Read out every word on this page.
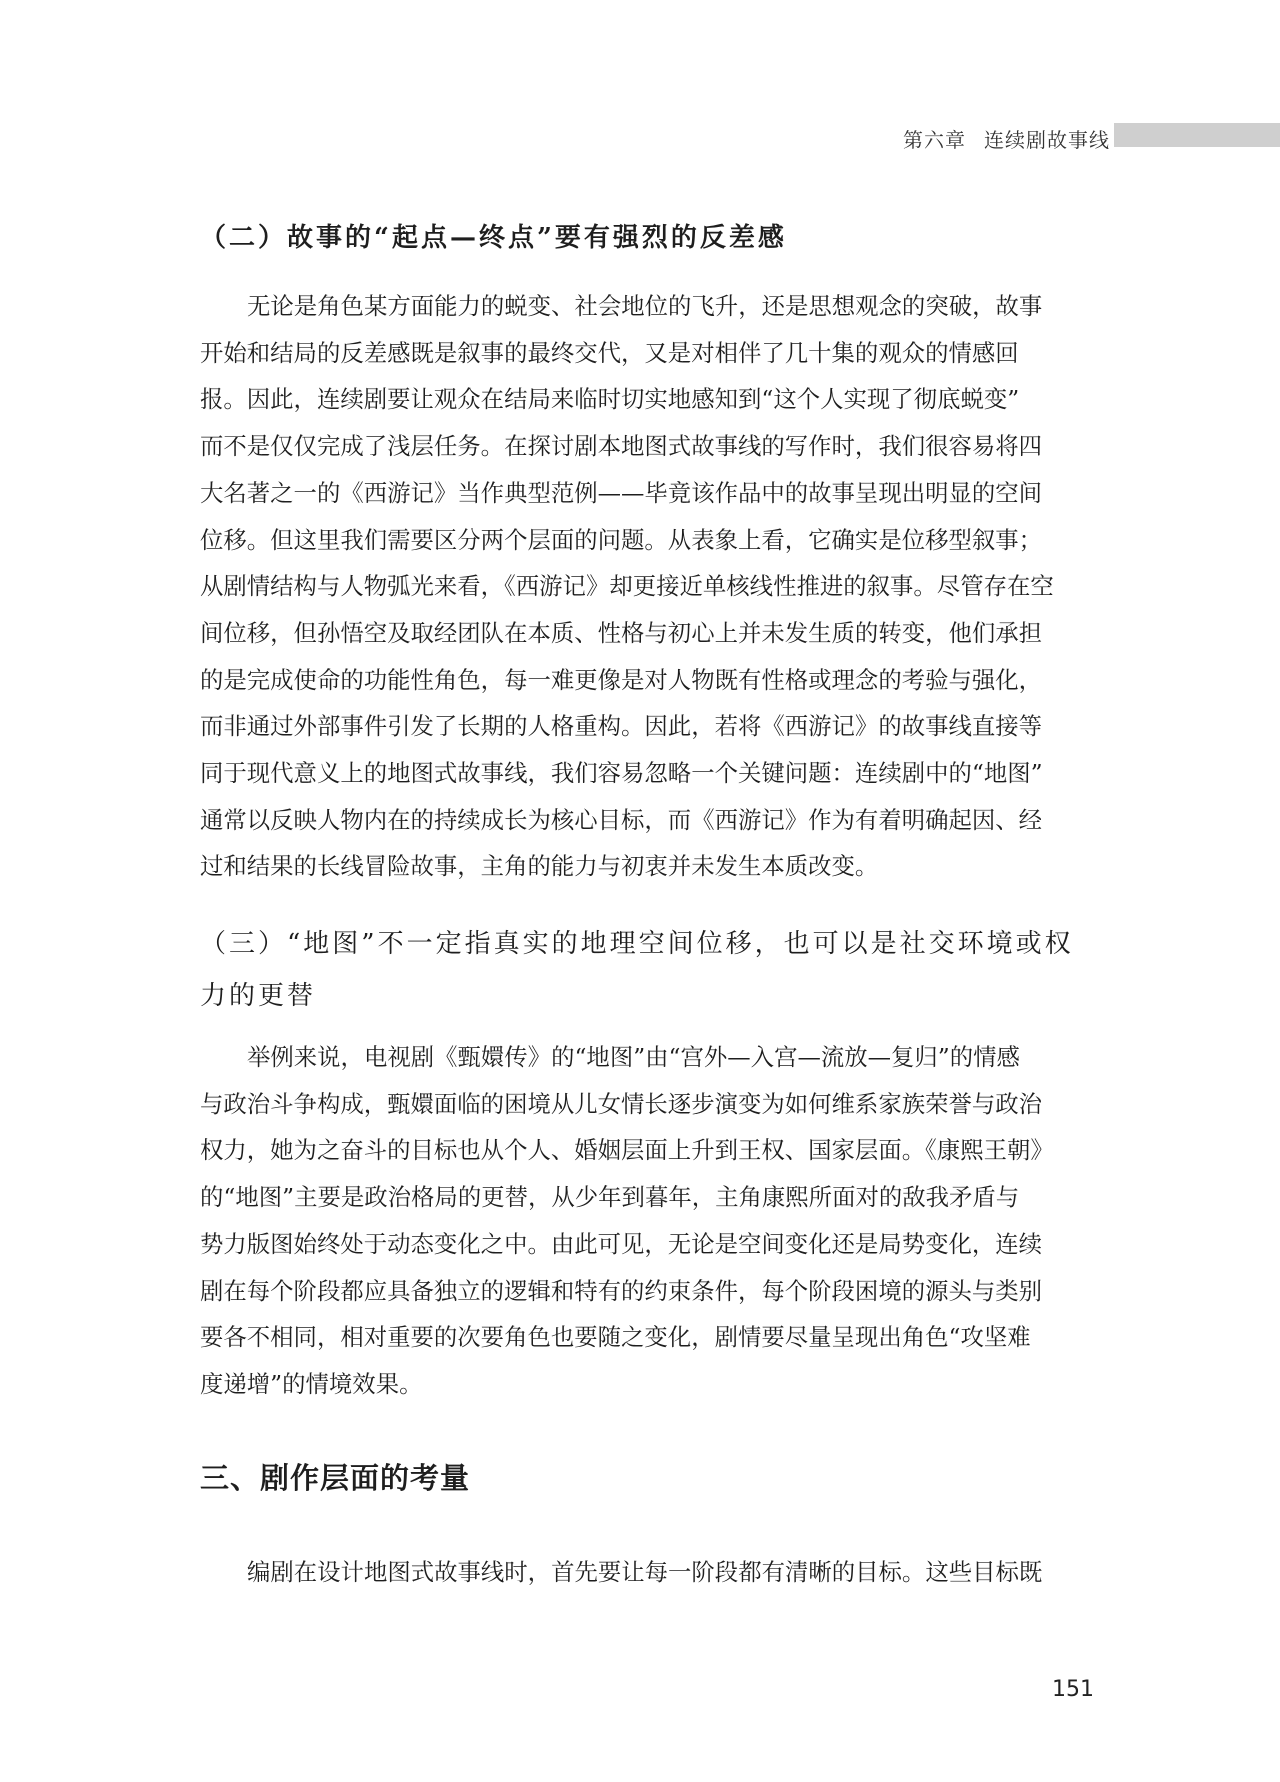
第六章 连续剧故事线
（二）故事的“起点—终点”要有强烈的反差感
无论是角色某方面能力的蜕变、社会地位的飞升，还是思想观念的突破，故事
开始和结局的反差感既是叙事的最终交代，又是对相伴了几十集的观众的情感回
报。因此，连续剧要让观众在结局来临时切实地感知到“这个人实现了彻底蜕变”
而不是仅仅完成了浅层任务。在探讨剧本地图式故事线的写作时，我们很容易将四
大名著之一的《西游记》当作典型范例——毕竟该作品中的故事呈现出明显的空间
位移。但这里我们需要区分两个层面的问题。从表象上看，它确实是位移型叙事；
从剧情结构与人物弧光来看，《西游记》却更接近单核线性推进的叙事。尽管存在空
间位移，但孙悟空及取经团队在本质、性格与初心上并未发生质的转变，他们承担
的是完成使命的功能性角色，每一难更像是对人物既有性格或理念的考验与强化，
而非通过外部事件引发了长期的人格重构。因此，若将《西游记》的故事线直接等
同于现代意义上的地图式故事线，我们容易忽略一个关键问题：连续剧中的“地图”
通常以反映人物内在的持续成长为核心目标，而《西游记》作为有着明确起因、经
过和结果的长线冒险故事，主角的能力与初衷并未发生本质改变。
（三）“地图”不一定指真实的地理空间位移，也可以是社交环境或权
力的更替
举例来说，电视剧《甄嬛传》的“地图”由“宫外—入宫—流放—复归”的情感
与政治斗争构成，甄嬛面临的困境从儿女情长逐步演变为如何维系家族荣誉与政治
权力，她为之奋斗的目标也从个人、婚姻层面上升到王权、国家层面。《康熙王朝》
的“地图”主要是政治格局的更替，从少年到暮年，主角康熙所面对的敌我矛盾与
势力版图始终处于动态变化之中。由此可见，无论是空间变化还是局势变化，连续
剧在每个阶段都应具备独立的逻辑和特有的约束条件，每个阶段困境的源头与类别
要各不相同，相对重要的次要角色也要随之变化，剧情要尽量呈现出角色“攻坚难
度递增”的情境效果。
三、剧作层面的考量
编剧在设计地图式故事线时，首先要让每一阶段都有清晰的目标。这些目标既
151
